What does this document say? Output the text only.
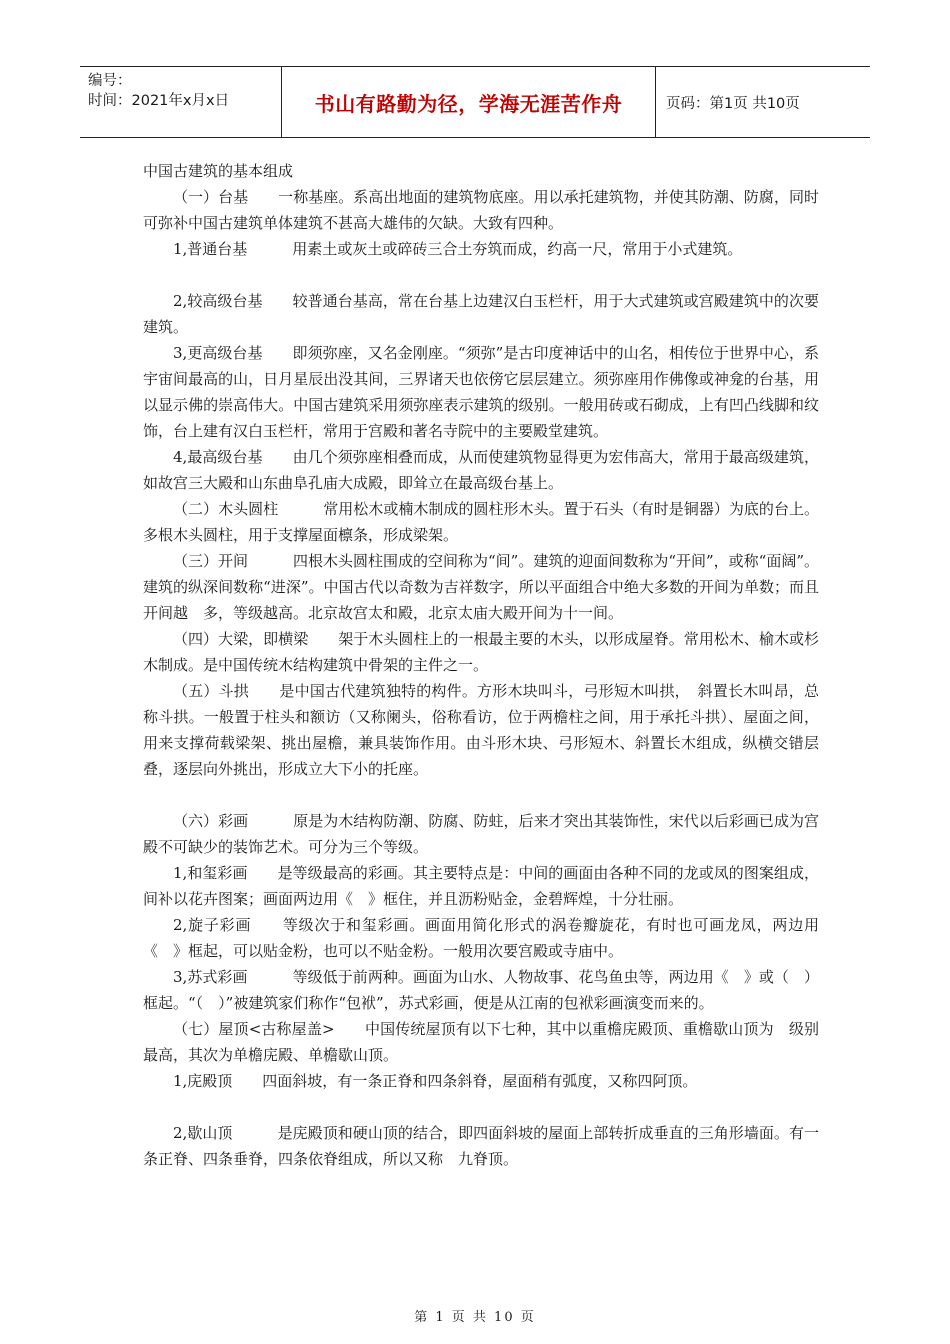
编号：
时间：2021年x月x日	书山有路勤为径，学海无涯苦作舟	页码：第1页 共10页

中国古建筑的基本组成

（一）台基　　一称基座。系高出地面的建筑物底座。用以承托建筑物，并使其防潮、防腐，同时可弥补中国古建筑单体建筑不甚高大雄伟的欠缺。大致有四种。

1,普通台基　　　用素土或灰土或碎砖三合土夯筑而成，约高一尺，常用于小式建筑。

2,较高级台基　　较普通台基高，常在台基上边建汉白玉栏杆，用于大式建筑或宫殿建筑中的次要建筑。

3,更高级台基　　即须弥座，又名金刚座。“须弥”是古印度神话中的山名，相传位于世界中心，系宇宙间最高的山，日月星辰出没其间，三界诸天也依傍它层层建立。须弥座用作佛像或神龛的台基，用以显示佛的崇高伟大。中国古建筑采用须弥座表示建筑的级别。一般用砖或石砌成，上有凹凸线脚和纹饰，台上建有汉白玉栏杆，常用于宫殿和著名寺院中的主要殿堂建筑。

4,最高级台基　　由几个须弥座相叠而成，从而使建筑物显得更为宏伟高大，常用于最高级建筑，如故宫三大殿和山东曲阜孔庙大成殿，即耸立在最高级台基上。

（二）木头圆柱　　　常用松木或楠木制成的圆柱形木头。置于石头（有时是铜器）为底的台上。多根木头圆柱，用于支撑屋面檩条，形成梁架。

（三）开间　　　四根木头圆柱围成的空间称为“间”。建筑的迎面间数称为“开间”，或称“面阔”。建筑的纵深间数称“进深”。中国古代以奇数为吉祥数字，所以平面组合中绝大多数的开间为单数；而且开间越　多，等级越高。北京故宫太和殿，北京太庙大殿开间为十一间。

（四）大梁，即横梁　　架于木头圆柱上的一根最主要的木头，以形成屋脊。常用松木、榆木或杉木制成。是中国传统木结构建筑中骨架的主件之一。

（五）斗拱　　是中国古代建筑独特的构件。方形木块叫斗，弓形短木叫拱，　斜置长木叫昂，总称斗拱。一般置于柱头和额访（又称阑头，俗称看访，位于两檐柱之间，用于承托斗拱）、屋面之间，用来支撑荷载梁架、挑出屋檐，兼具装饰作用。由斗形木块、弓形短木、斜置长木组成，纵横交错层叠，逐层向外挑出，形成立大下小的托座。

（六）彩画　　　原是为木结构防潮、防腐、防蛀，后来才突出其装饰性，宋代以后彩画已成为宫殿不可缺少的装饰艺术。可分为三个等级。

1,和玺彩画　　是等级最高的彩画。其主要特点是：中间的画面由各种不同的龙或凤的图案组成，间补以花卉图案；画面两边用《　》框住，并且沥粉贴金，金碧辉煌，十分壮丽。

2,旋子彩画　　等级次于和玺彩画。画面用简化形式的涡卷瓣旋花，有时也可画龙凤，两边用《　》框起，可以贴金粉，也可以不贴金粉。一般用次要宫殿或寺庙中。

3,苏式彩画　　　等级低于前两种。画面为山水、人物故事、花鸟鱼虫等，两边用《　》或（　）框起。“（　）”被建筑家们称作“包袱”，苏式彩画，便是从江南的包袱彩画演变而来的。

（七）屋顶<古称屋盖>　　中国传统屋顶有以下七种，其中以重檐庑殿顶、重檐歇山顶为　级别最高，其次为单檐庑殿、单檐歇山顶。

1,庑殿顶　　四面斜坡，有一条正脊和四条斜脊，屋面稍有弧度，又称四阿顶。

2,歇山顶　　　是庑殿顶和硬山顶的结合，即四面斜坡的屋面上部转折成垂直的三角形墙面。有一条正脊、四条垂脊，四条依脊组成，所以又称　九脊顶。

第 1 页 共 10 页
